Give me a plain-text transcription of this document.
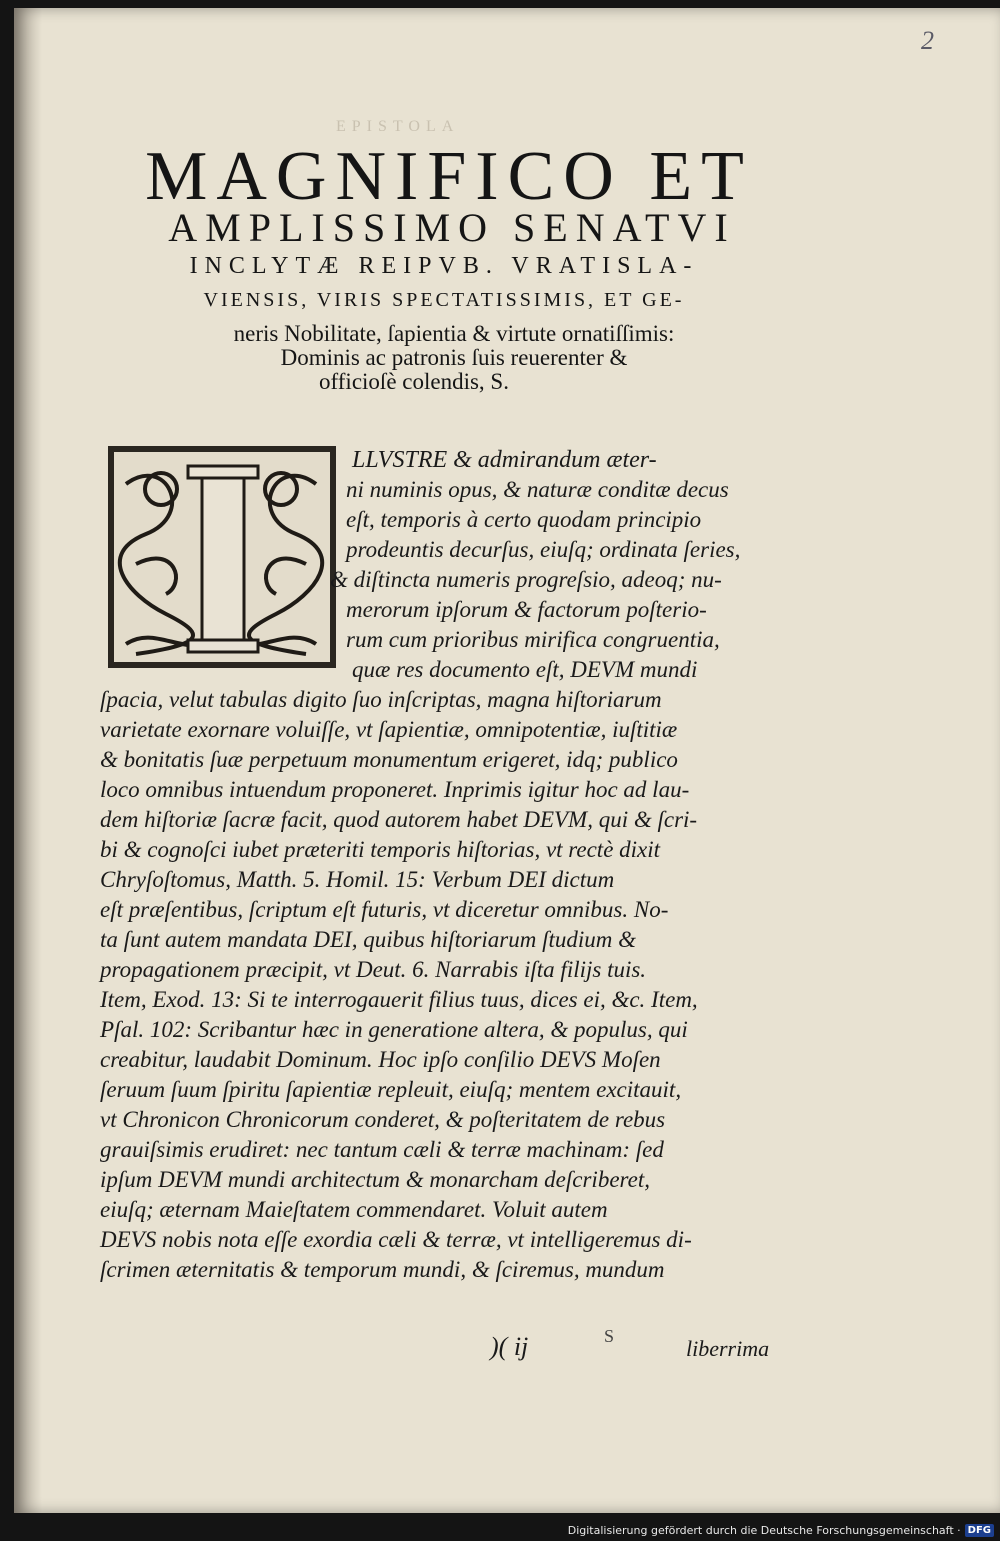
2
EPISTOLA
MAGNIFICO ET
AMPLISSIMO SENATVI
INCLYTÆ REIPVB. VRATISLA-
VIENSIS, VIRIS SPECTATISSIMIS, ET GE-
neris Nobilitate, ſapientia & virtute ornatiſſimis:
Dominis ac patronis ſuis reuerenter &
officioſè colendis, S.
LLVSTRE & admirandum æter-
ni numinis opus, & naturæ conditæ decus
eſt, temporis à certo quodam principio
prodeuntis decurſus, eiuſq; ordinata ſeries,
& diſtincta numeris progreſsio, adeoq; nu-
merorum ipſorum & factorum poſterio-
rum cum prioribus mirifica congruentia,
quæ res documento eſt, DEVM mundi
ſpacia, velut tabulas digito ſuo inſcriptas, magna hiſtoriarum
varietate exornare voluiſſe, vt ſapientiæ, omnipotentiæ, iuſtitiæ
& bonitatis ſuæ perpetuum monumentum erigeret, idq; publico
loco omnibus intuendum proponeret. Inprimis igitur hoc ad lau-
dem hiſtoriæ ſacræ facit, quod autorem habet DEVM, qui & ſcri-
bi & cognoſci iubet præteriti temporis hiſtorias, vt rectè dixit
Chryſoſtomus, Matth. 5. Homil. 15: Verbum DEI dictum
eſt præſentibus, ſcriptum eſt futuris, vt diceretur omnibus. No-
ta ſunt autem mandata DEI, quibus hiſtoriarum ſtudium &
propagationem præcipit, vt Deut. 6. Narrabis iſta filijs tuis.
Item, Exod. 13: Si te interrogauerit filius tuus, dices ei, &c. Item,
Pſal. 102: Scribantur hæc in generatione altera, & populus, qui
creabitur, laudabit Dominum. Hoc ipſo conſilio DEVS Moſen
ſeruum ſuum ſpiritu ſapientiæ repleuit, eiuſq; mentem excitauit,
vt Chronicon Chronicorum conderet, & poſteritatem de rebus
grauiſsimis erudiret: nec tantum cæli & terræ machinam: ſed
ipſum DEVM mundi architectum & monarcham deſcriberet,
eiuſq; æternam Maieſtatem commendaret. Voluit autem
DEVS nobis nota eſſe exordia cæli & terræ, vt intelligeremus di-
ſcrimen æternitatis & temporum mundi, & ſciremus, mundum
)( ij	S	liberrima
Digitalisierung gefördert durch die Deutsche Forschungsgemeinschaft · DFG
